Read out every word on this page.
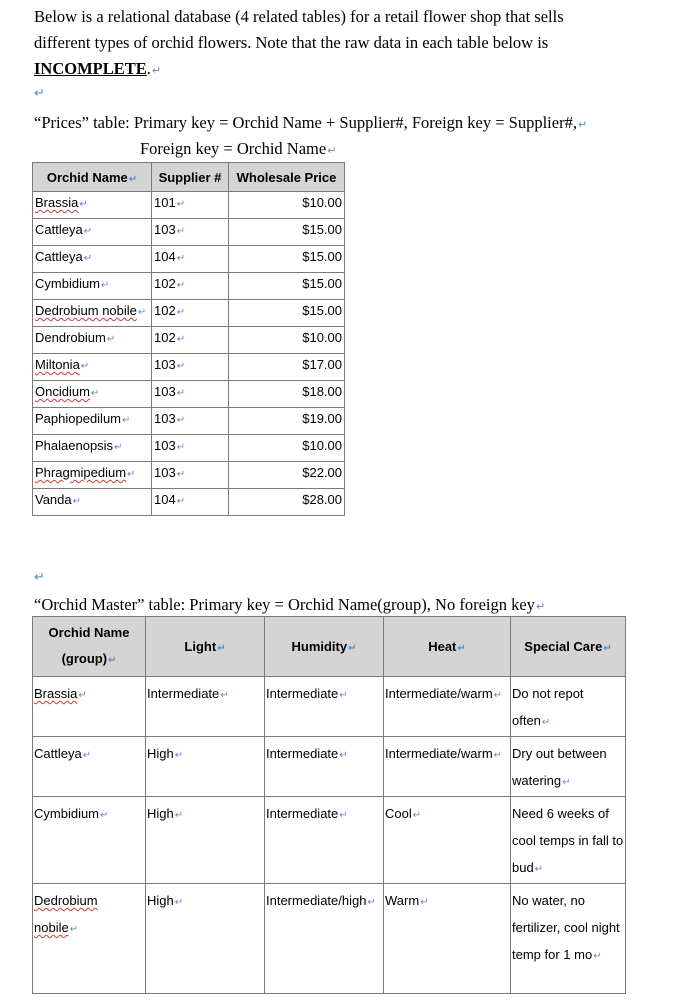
Below is a relational database (4 related tables) for a retail flower shop that sells
different types of orchid flowers. Note that the raw data in each table below is
INCOMPLETE.↵
↵
“Prices” table: Primary key = Orchid Name + Supplier#, Foreign key = Supplier#,↵
Foreign key = Orchid Name↵
Orchid Name↵	Supplier #	Wholesale Price
Brassia↵	101↵	$10.00
Cattleya↵	103↵	$15.00
Cattleya↵	104↵	$15.00
Cymbidium↵	102↵	$15.00
Dedrobium nobile↵	102↵	$15.00
Dendrobium↵	102↵	$10.00
Miltonia↵	103↵	$17.00
Oncidium↵	103↵	$18.00
Paphiopedilum↵	103↵	$19.00
Phalaenopsis↵	103↵	$10.00
Phragmipedium↵	103↵	$22.00
Vanda↵	104↵	$28.00
↵
“Orchid Master” table: Primary key = Orchid Name(group), No foreign key↵
Orchid Name
(group)↵	Light↵	Humidity↵	Heat↵	Special Care↵
Brassia↵	Intermediate↵	Intermediate↵	Intermediate/warm↵	Do not repot often↵
Cattleya↵	High↵	Intermediate↵	Intermediate/warm↵	Dry out between watering↵
Cymbidium↵	High↵	Intermediate↵	Cool↵	Need 6 weeks of cool temps in fall to bud↵
Dedrobium nobile↵	High↵	Intermediate/high↵	Warm↵	No water, no fertilizer, cool night temp for 1 mo↵
